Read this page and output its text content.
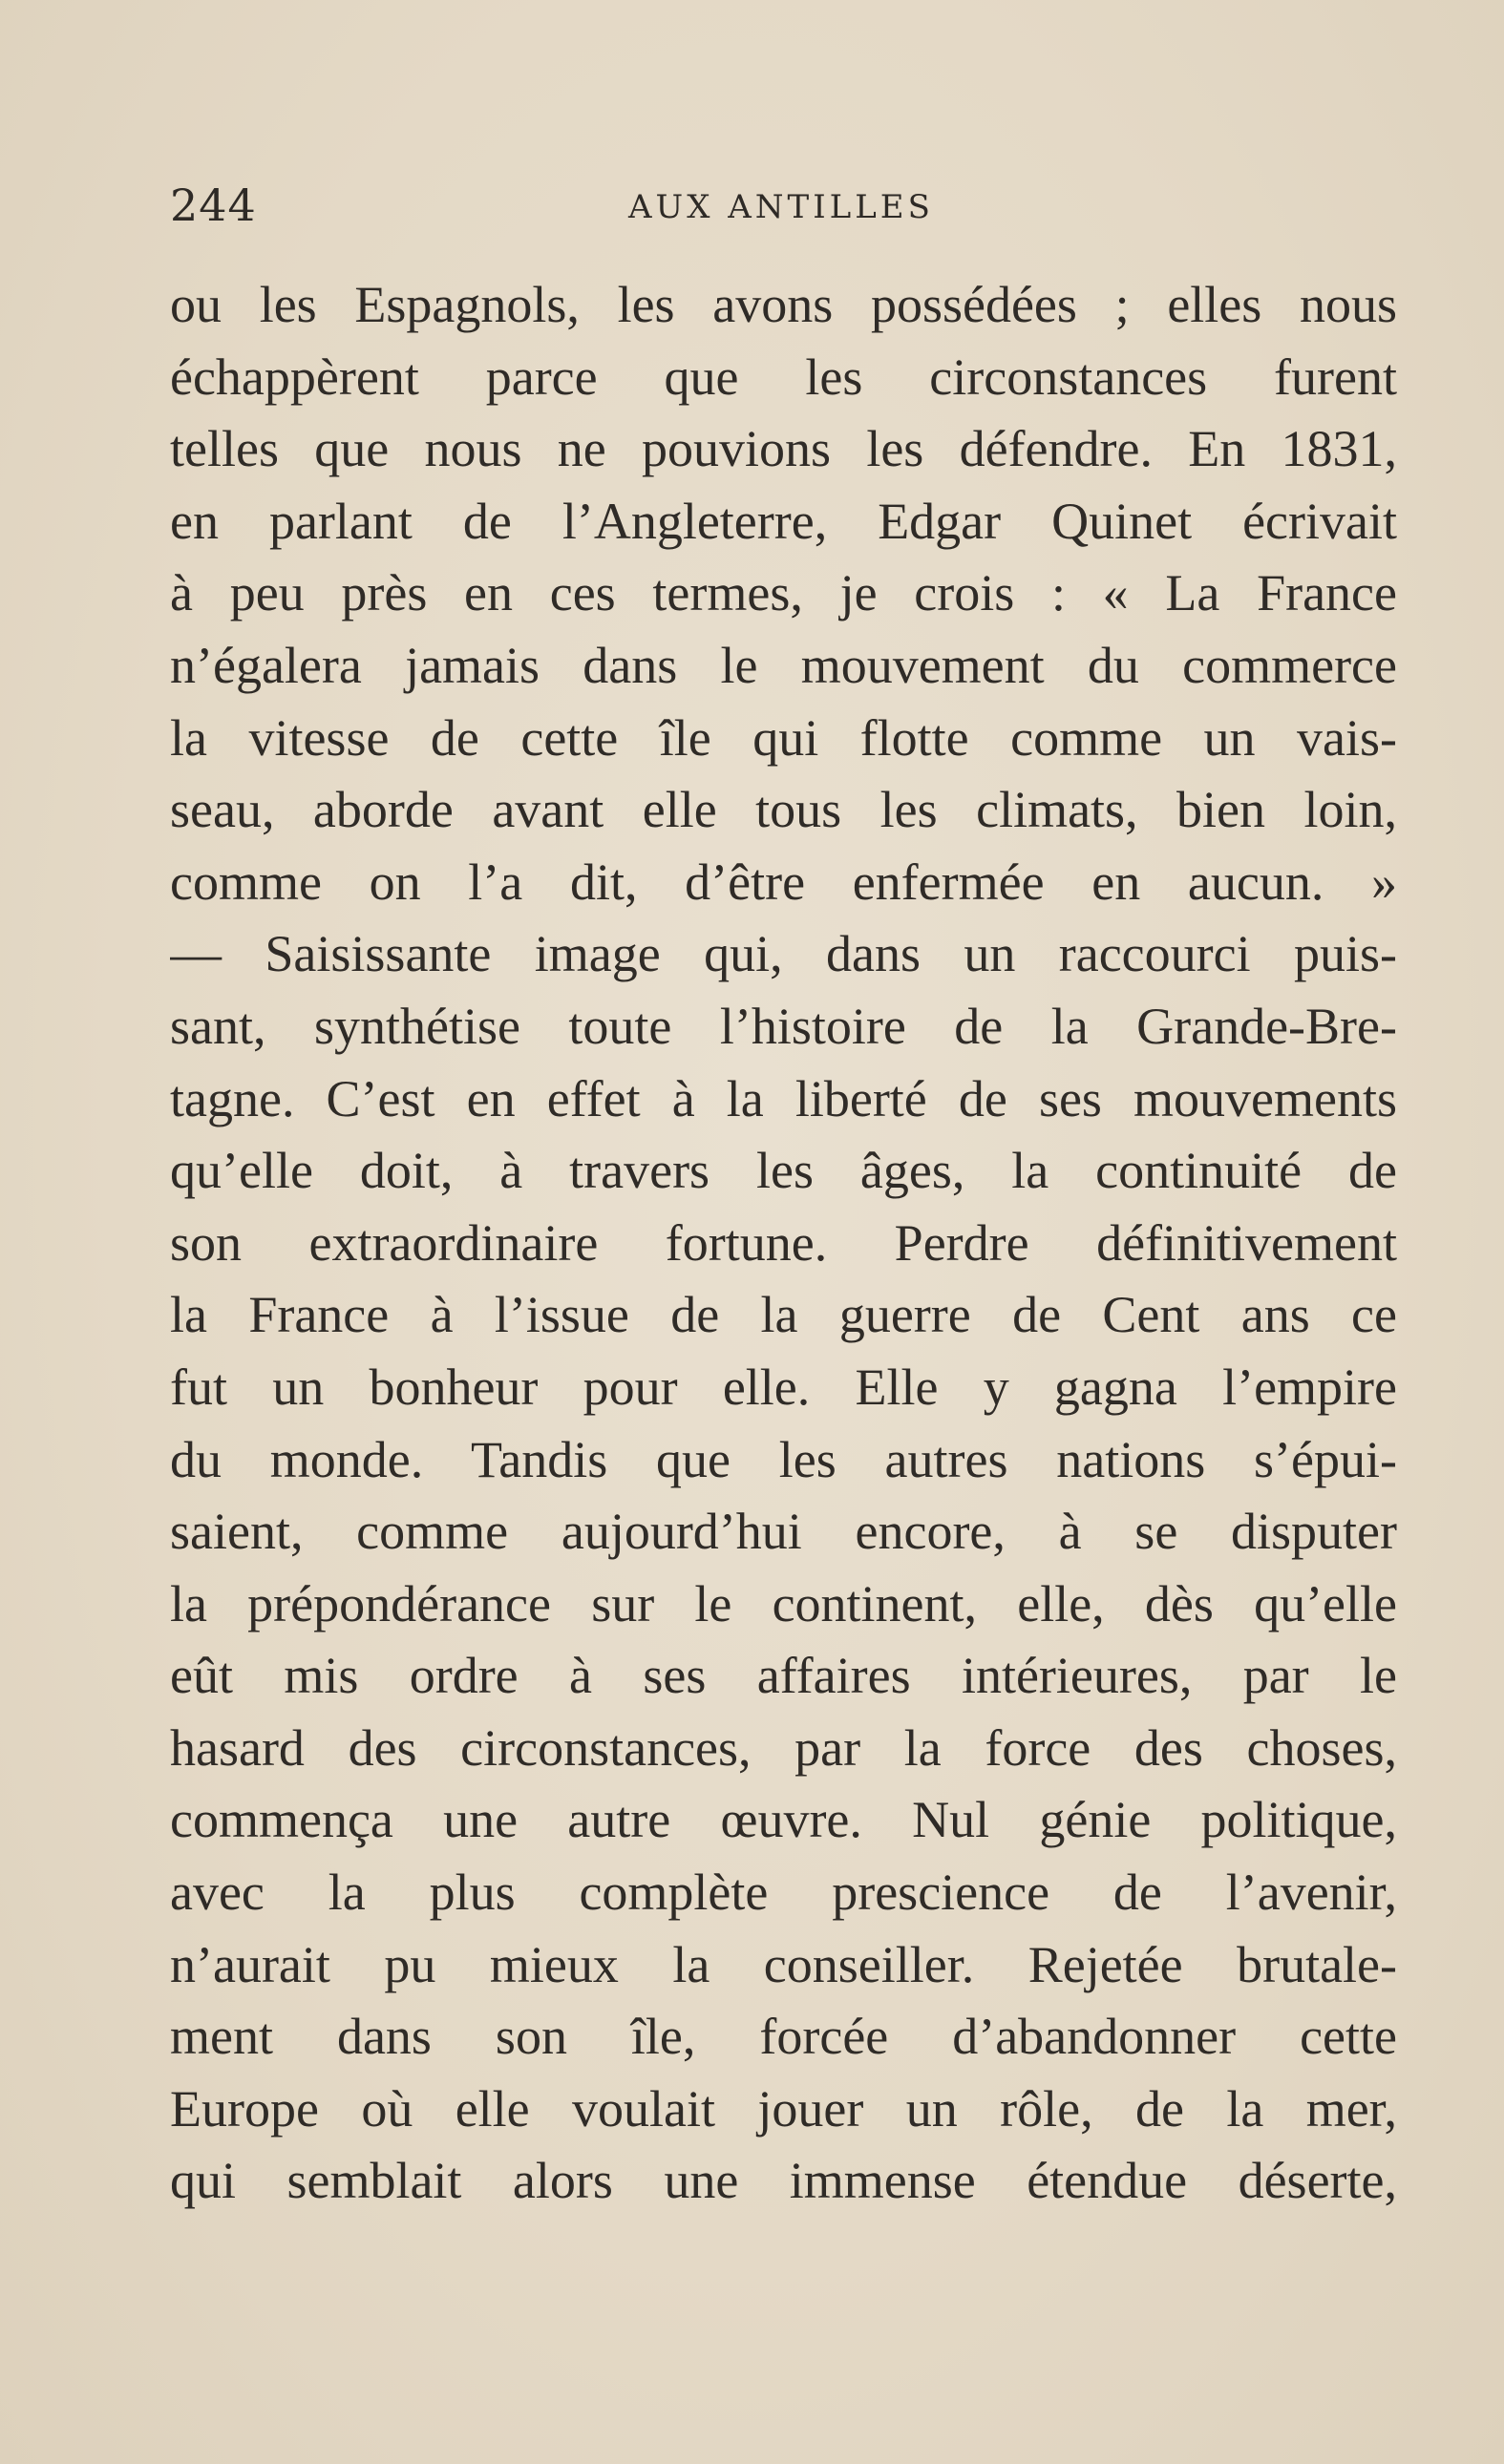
244	AUX ANTILLES
ou les Espagnols, les avons possédées ; elles nous
échappèrent parce que les circonstances furent
telles que nous ne pouvions les défendre. En 1831,
en parlant de l’Angleterre, Edgar Quinet écrivait
à peu près en ces termes, je crois : « La France
n’égalera jamais dans le mouvement du commerce
la vitesse de cette île qui flotte comme un vais-
seau, aborde avant elle tous les climats, bien loin,
comme on l’a dit, d’être enfermée en aucun. »
— Saisissante image qui, dans un raccourci puis-
sant, synthétise toute l’histoire de la Grande-Bre-
tagne. C’est en effet à la liberté de ses mouvements
qu’elle doit, à travers les âges, la continuité de
son extraordinaire fortune. Perdre définitivement
la France à l’issue de la guerre de Cent ans ce
fut un bonheur pour elle. Elle y gagna l’empire
du monde. Tandis que les autres nations s’épui-
saient, comme aujourd’hui encore, à se disputer
la prépondérance sur le continent, elle, dès qu’elle
eût mis ordre à ses affaires intérieures, par le
hasard des circonstances, par la force des choses,
commença une autre œuvre. Nul génie politique,
avec la plus complète prescience de l’avenir,
n’aurait pu mieux la conseiller. Rejetée brutale-
ment dans son île, forcée d’abandonner cette
Europe où elle voulait jouer un rôle, de la mer,
qui semblait alors une immense étendue déserte,
